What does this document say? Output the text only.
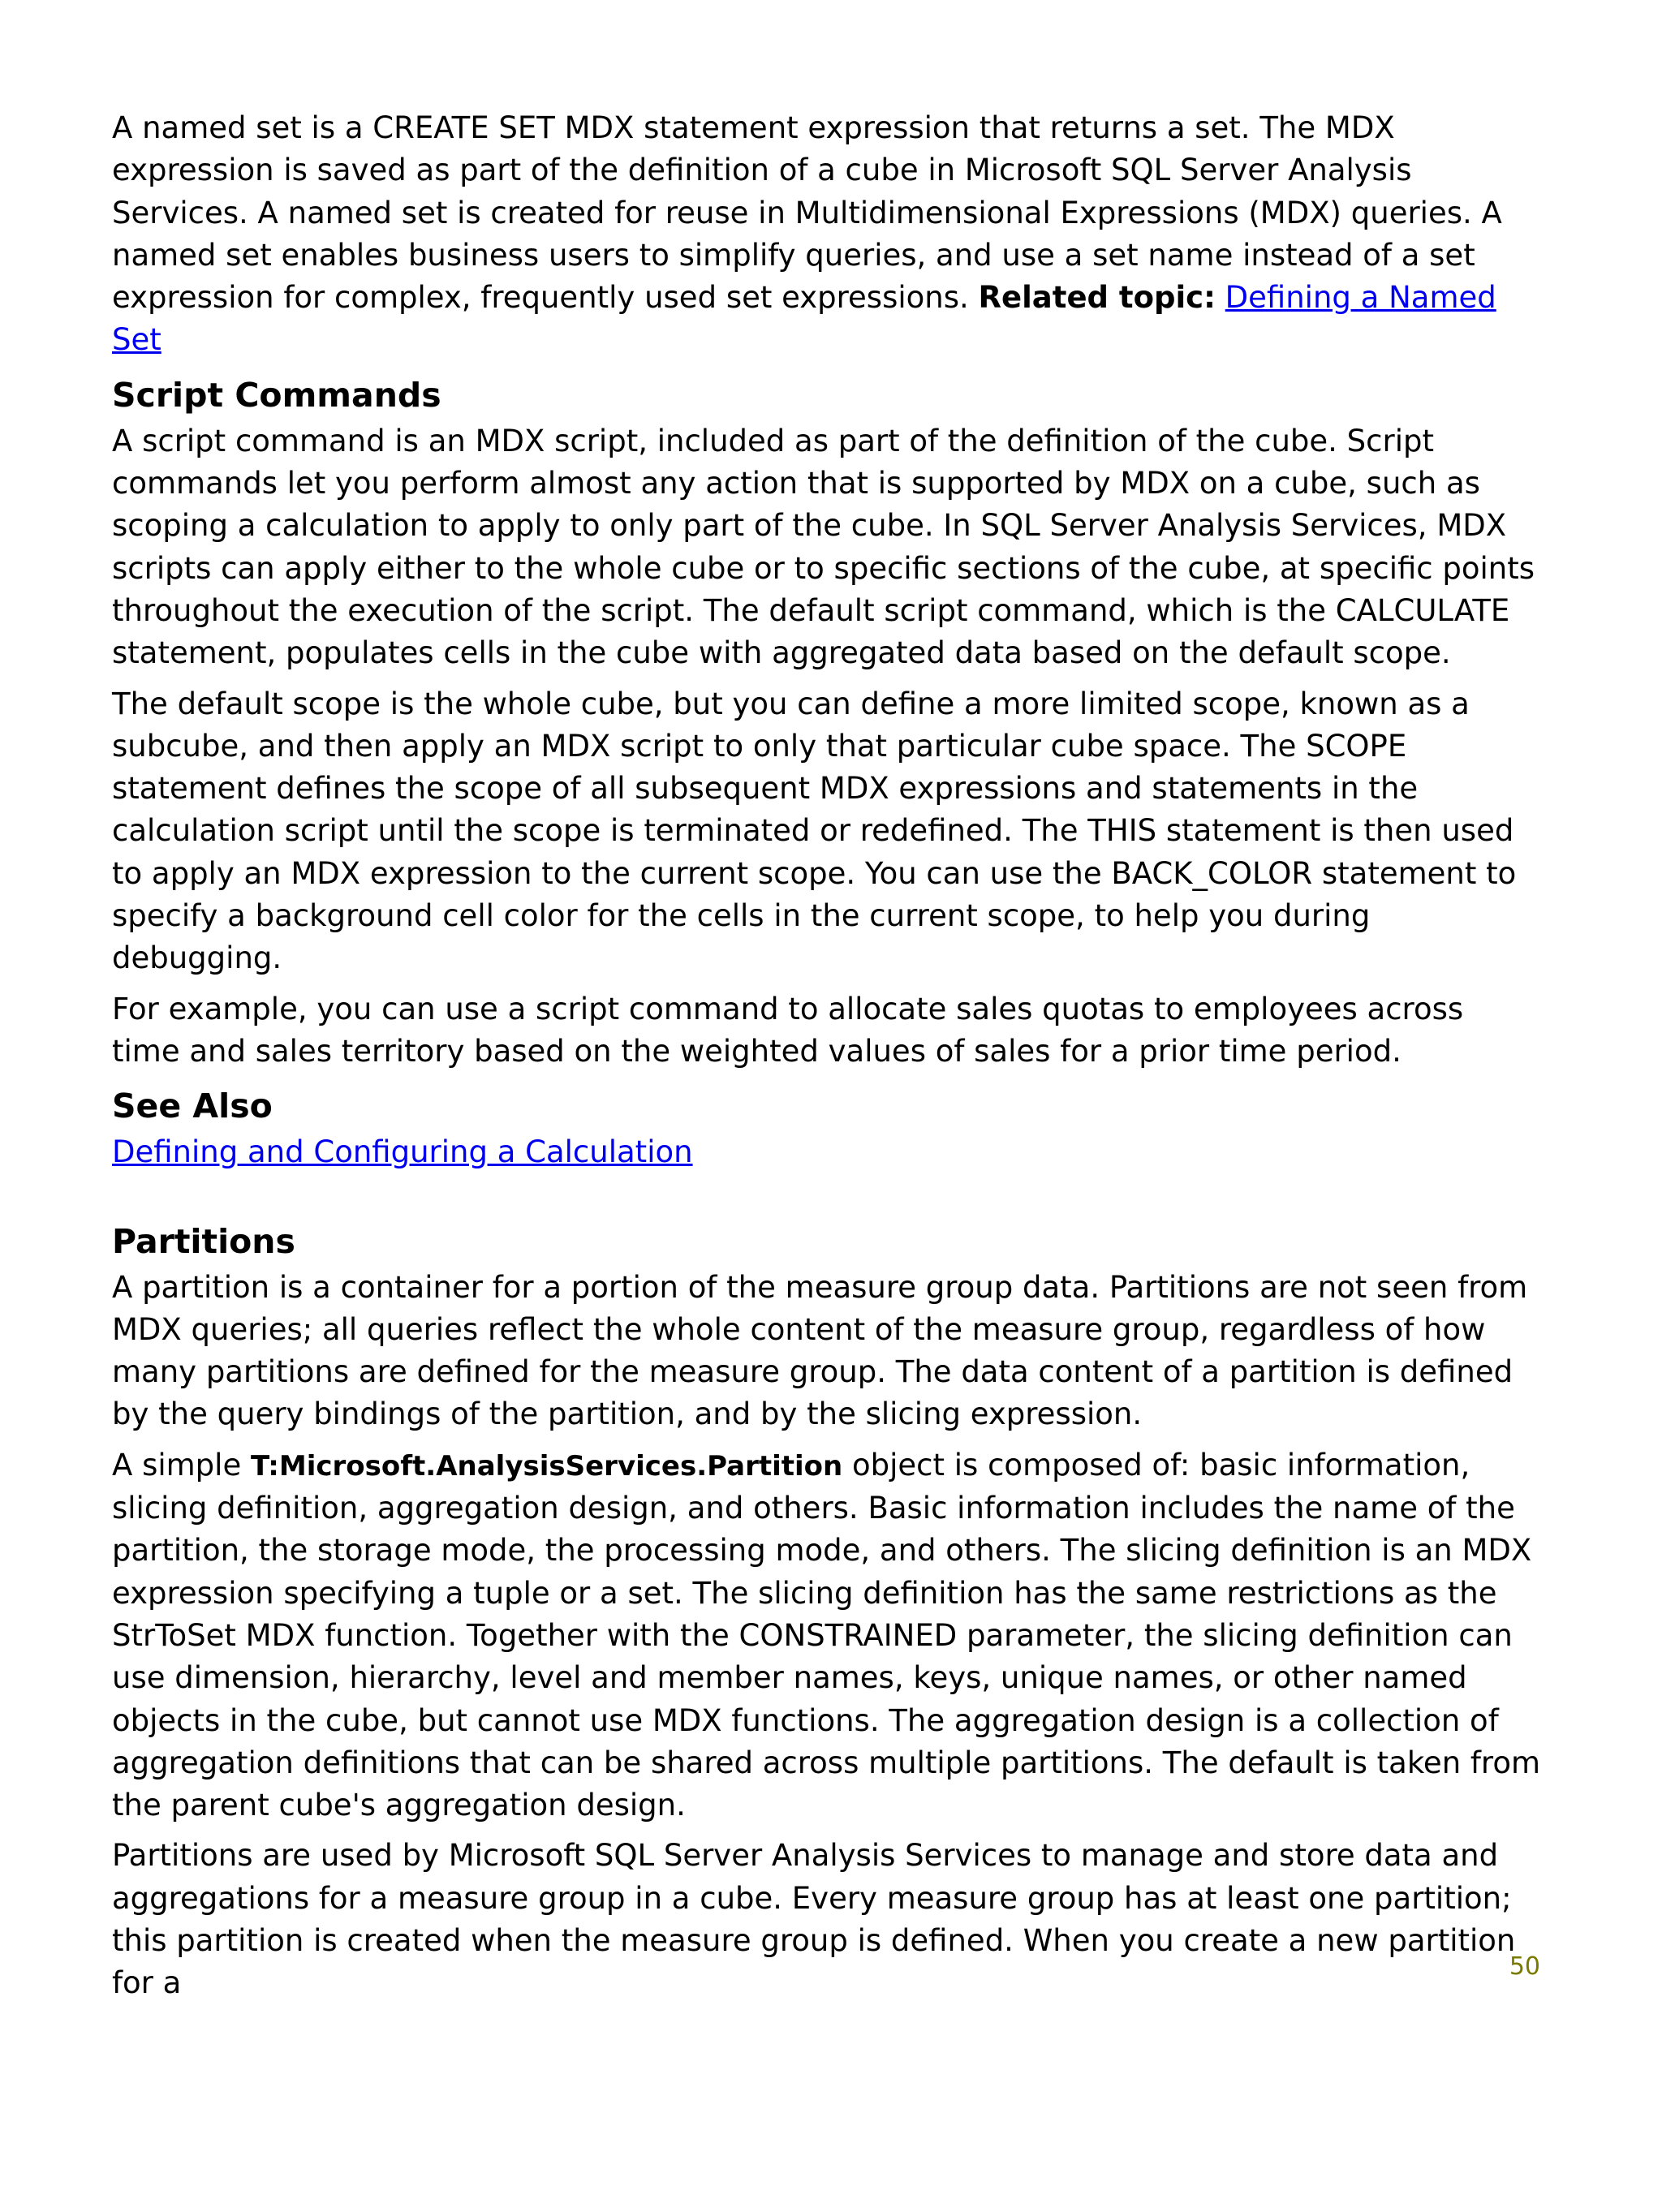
A named set is a CREATE SET MDX statement expression that returns a set. The MDX expression is saved as part of the definition of a cube in Microsoft SQL Server Analysis Services. A named set is created for reuse in Multidimensional Expressions (MDX) queries. A named set enables business users to simplify queries, and use a set name instead of a set expression for complex, frequently used set expressions. Related topic: Defining a Named Set

Script Commands

A script command is an MDX script, included as part of the definition of the cube. Script commands let you perform almost any action that is supported by MDX on a cube, such as scoping a calculation to apply to only part of the cube. In SQL Server Analysis Services, MDX scripts can apply either to the whole cube or to specific sections of the cube, at specific points throughout the execution of the script. The default script command, which is the CALCULATE statement, populates cells in the cube with aggregated data based on the default scope.

The default scope is the whole cube, but you can define a more limited scope, known as a subcube, and then apply an MDX script to only that particular cube space. The SCOPE statement defines the scope of all subsequent MDX expressions and statements in the calculation script until the scope is terminated or redefined. The THIS statement is then used to apply an MDX expression to the current scope. You can use the BACK_COLOR statement to specify a background cell color for the cells in the current scope, to help you during debugging.

For example, you can use a script command to allocate sales quotas to employees across time and sales territory based on the weighted values of sales for a prior time period.

See Also

Defining and Configuring a Calculation

Partitions

A partition is a container for a portion of the measure group data. Partitions are not seen from MDX queries; all queries reflect the whole content of the measure group, regardless of how many partitions are defined for the measure group. The data content of a partition is defined by the query bindings of the partition, and by the slicing expression.

A simple T:Microsoft.AnalysisServices.Partition object is composed of: basic information, slicing definition, aggregation design, and others. Basic information includes the name of the partition, the storage mode, the processing mode, and others. The slicing definition is an MDX expression specifying a tuple or a set. The slicing definition has the same restrictions as the StrToSet MDX function. Together with the CONSTRAINED parameter, the slicing definition can use dimension, hierarchy, level and member names, keys, unique names, or other named objects in the cube, but cannot use MDX functions. The aggregation design is a collection of aggregation definitions that can be shared across multiple partitions. The default is taken from the parent cube's aggregation design.

Partitions are used by Microsoft SQL Server Analysis Services to manage and store data and aggregations for a measure group in a cube. Every measure group has at least one partition; this partition is created when the measure group is defined. When you create a new partition for a	50
